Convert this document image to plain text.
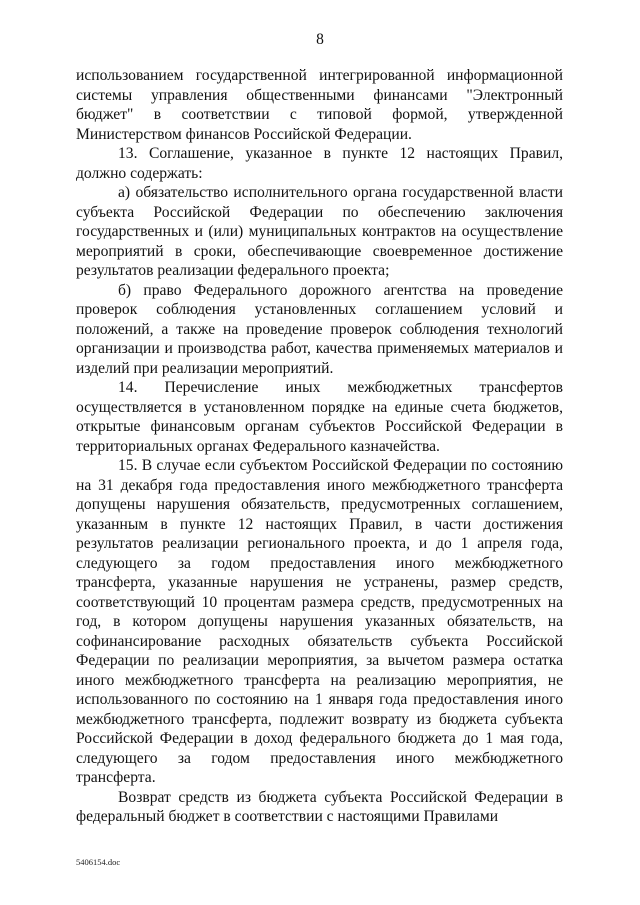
8

использованием государственной интегрированной информационной системы управления общественными финансами "Электронный бюджет" в соответствии с типовой формой, утвержденной Министерством финансов Российской Федерации.

13. Соглашение, указанное в пункте 12 настоящих Правил, должно содержать:

а) обязательство исполнительного органа государственной власти субъекта Российской Федерации по обеспечению заключения государственных и (или) муниципальных контрактов на осуществление мероприятий в сроки, обеспечивающие своевременное достижение результатов реализации федерального проекта;

б) право Федерального дорожного агентства на проведение проверок соблюдения установленных соглашением условий и положений, а также на проведение проверок соблюдения технологий организации и производства работ, качества применяемых материалов и изделий при реализации мероприятий.

14. Перечисление иных межбюджетных трансфертов осуществляется в установленном порядке на единые счета бюджетов, открытые финансовым органам субъектов Российской Федерации в территориальных органах Федерального казначейства.

15. В случае если субъектом Российской Федерации по состоянию на 31 декабря года предоставления иного межбюджетного трансферта допущены нарушения обязательств, предусмотренных соглашением, указанным в пункте 12 настоящих Правил, в части достижения результатов реализации регионального проекта, и до 1 апреля года, следующего за годом предоставления иного межбюджетного трансферта, указанные нарушения не устранены, размер средств, соответствующий 10 процентам размера средств, предусмотренных на год, в котором допущены нарушения указанных обязательств, на софинансирование расходных обязательств субъекта Российской Федерации по реализации мероприятия, за вычетом размера остатка иного межбюджетного трансферта на реализацию мероприятия, не использованного по состоянию на 1 января года предоставления иного межбюджетного трансферта, подлежит возврату из бюджета субъекта Российской Федерации в доход федерального бюджета до 1 мая года, следующего за годом предоставления иного межбюджетного трансферта.

Возврат средств из бюджета субъекта Российской Федерации в федеральный бюджет в соответствии с настоящими Правилами

5406154.doc
